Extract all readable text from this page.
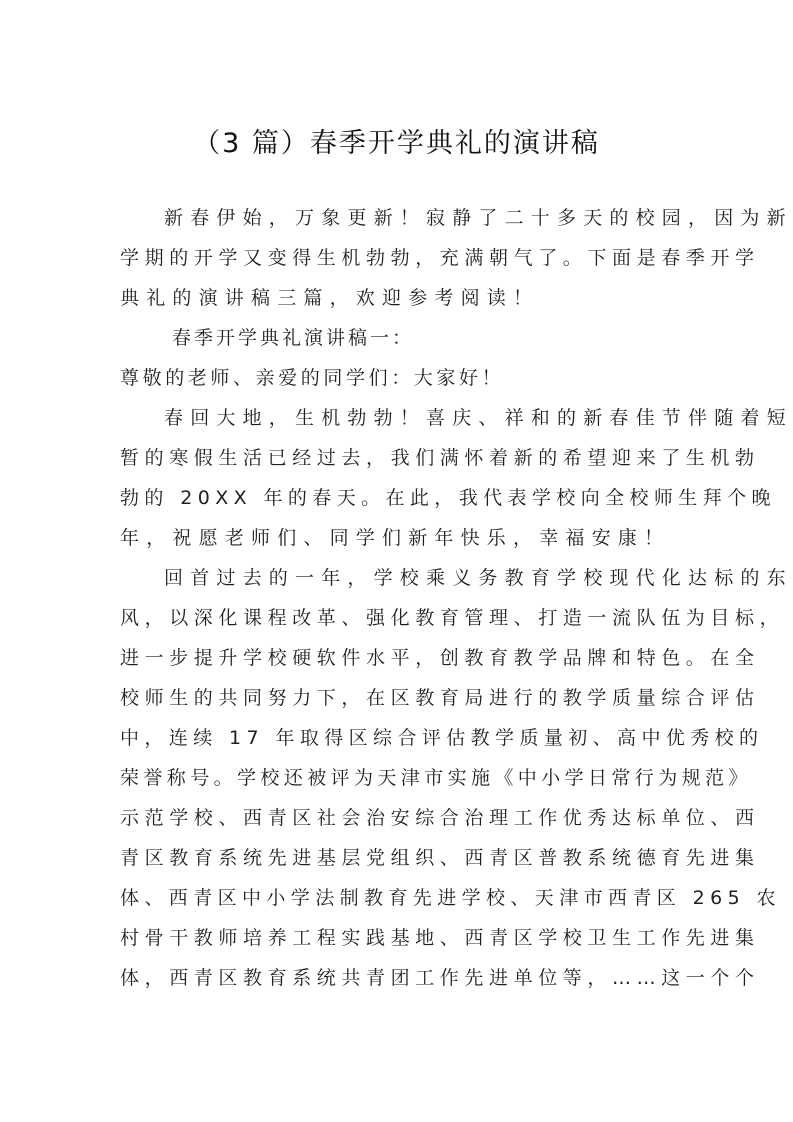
（3 篇）春季开学典礼的演讲稿
新春伊始，万象更新！寂静了二十多天的校园，因为新
学期的开学又变得生机勃勃，充满朝气了。下面是春季开学
典礼的演讲稿三篇，欢迎参考阅读！
春季开学典礼演讲稿一：
尊敬的老师、亲爱的同学们：大家好！
春回大地，生机勃勃！喜庆、祥和的新春佳节伴随着短
暂的寒假生活已经过去，我们满怀着新的希望迎来了生机勃
勃的 20XX 年的春天。在此，我代表学校向全校师生拜个晚
年，祝愿老师们、同学们新年快乐，幸福安康！
回首过去的一年，学校乘义务教育学校现代化达标的东
风，以深化课程改革、强化教育管理、打造一流队伍为目标，
进一步提升学校硬软件水平，创教育教学品牌和特色。在全
校师生的共同努力下，在区教育局进行的教学质量综合评估
中，连续 17 年取得区综合评估教学质量初、高中优秀校的
荣誉称号。学校还被评为天津市实施《中小学日常行为规范》
示范学校、西青区社会治安综合治理工作优秀达标单位、西
青区教育系统先进基层党组织、西青区普教系统德育先进集
体、西青区中小学法制教育先进学校、天津市西青区 265 农
村骨干教师培养工程实践基地、西青区学校卫生工作先进集
体，西青区教育系统共青团工作先进单位等，……这一个个
